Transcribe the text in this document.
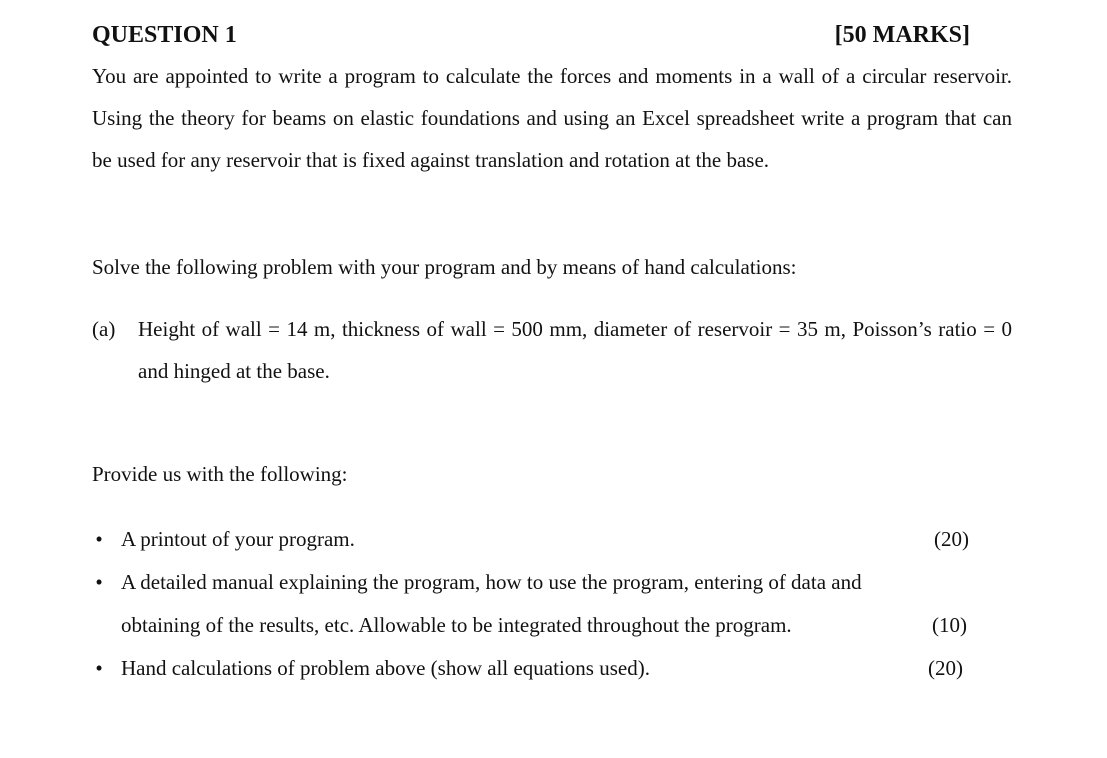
QUESTION 1	[50 MARKS]
You are appointed to write a program to calculate the forces and moments in a wall of a circular reservoir. Using the theory for beams on elastic foundations and using an Excel spreadsheet write a program that can be used for any reservoir that is fixed against translation and rotation at the base.
Solve the following problem with your program and by means of hand calculations:
(a) Height of wall = 14 m, thickness of wall = 500 mm, diameter of reservoir = 35 m, Poisson’s ratio = 0 and hinged at the base.
Provide us with the following:
• A printout of your program.	(20)
• A detailed manual explaining the program, how to use the program, entering of data and
obtaining of the results, etc. Allowable to be integrated throughout the program.	(10)
• Hand calculations of problem above (show all equations used).	(20)
